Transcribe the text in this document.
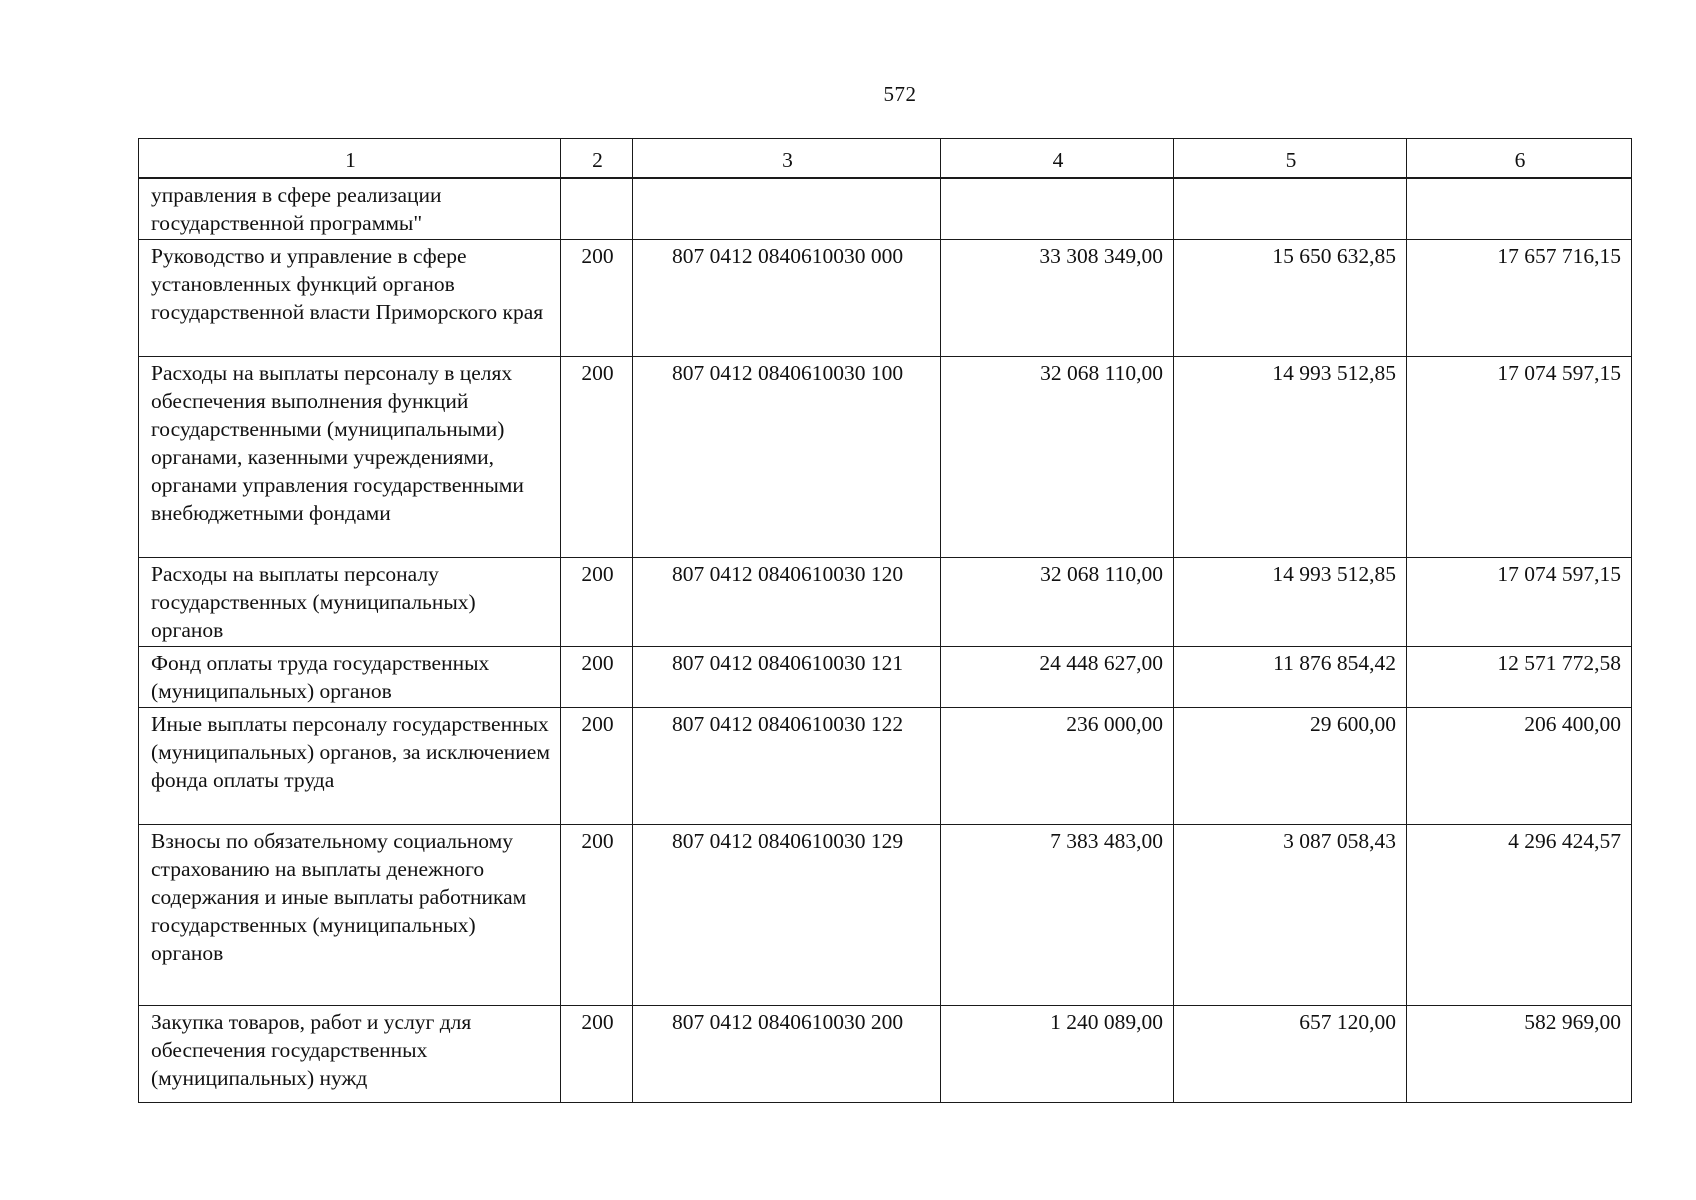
572
1	2	3	4	5	6
управления в сфере реализации государственной программы"					
Руководство и управление в сфере установленных функций органов государственной власти Приморского края	200	807 0412 0840610030 000	33 308 349,00	15 650 632,85	17 657 716,15
Расходы на выплаты персоналу в целях обеспечения выполнения функций государственными (муниципальными) органами, казенными учреждениями, органами управления государственными внебюджетными фондами	200	807 0412 0840610030 100	32 068 110,00	14 993 512,85	17 074 597,15
Расходы на выплаты персоналу государственных (муниципальных) органов	200	807 0412 0840610030 120	32 068 110,00	14 993 512,85	17 074 597,15
Фонд оплаты труда государственных (муниципальных) органов	200	807 0412 0840610030 121	24 448 627,00	11 876 854,42	12 571 772,58
Иные выплаты персоналу государственных (муниципальных) органов, за исключением фонда оплаты труда	200	807 0412 0840610030 122	236 000,00	29 600,00	206 400,00
Взносы по обязательному социальному страхованию на выплаты денежного содержания и иные выплаты работникам государственных (муниципальных) органов	200	807 0412 0840610030 129	7 383 483,00	3 087 058,43	4 296 424,57
Закупка товаров, работ и услуг для обеспечения государственных (муниципальных) нужд	200	807 0412 0840610030 200	1 240 089,00	657 120,00	582 969,00
